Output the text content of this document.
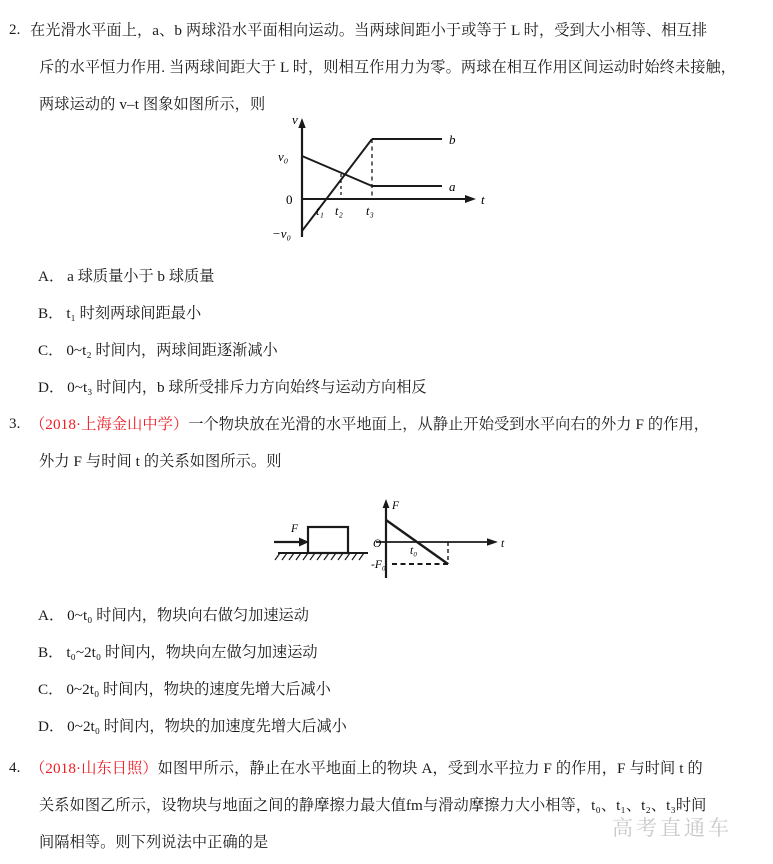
2. 在光滑水平面上，a、b 两球沿水平面相向运动。当两球间距小于或等于 L 时，受到大小相等、相互排
斥的水平恒力作用. 当两球间距大于 L 时，则相互作用力为零。两球在相互作用区间运动时始终未接触，
两球运动的 v–t 图象如图所示，则
v
t
0
v₀
−v₀
t₁ t₂ t₃
b
a
A． a 球质量小于 b 球质量
B． t₁ 时刻两球间距最小
C． 0~t₂ 时间内，两球间距逐渐减小
D． 0~t₃ 时间内，b 球所受排斥力方向始终与运动方向相反
3. （2018·上海金山中学）一个物块放在光滑的水平地面上，从静止开始受到水平向右的外力 F 的作用，
外力 F 与时间 t 的关系如图所示。则
F
F
t
O
t₀
-F₀
A． 0~t₀ 时间内，物块向右做匀加速运动
B． t₀~2t₀ 时间内，物块向左做匀加速运动
C． 0~2t₀ 时间内，物块的速度先增大后减小
D． 0~2t₀ 时间内，物块的加速度先增大后减小
4. （2018·山东日照）如图甲所示，静止在水平地面上的物块 A，受到水平拉力 F 的作用，F 与时间 t 的
关系如图乙所示，设物块与地面之间的静摩擦力最大值fm与滑动摩擦力大小相等，t₀、t₁、t₂、t₃时间
间隔相等。则下列说法中正确的是
高考直通车
